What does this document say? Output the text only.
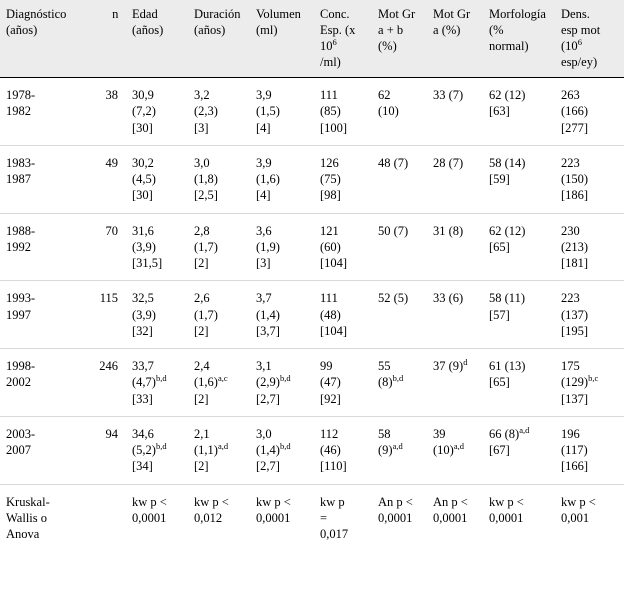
Diagnóstico n
(años)		Edad
(años)	Duración
(años)	Volumen
(ml)	Conc.
Esp. (x
$10^6$
/ml)	Mot Gr
a + b
(%)	Mot Gr
a (%)	Morfología
(%
normal)	Dens.
esp mot
($10^6$
esp/ey)

1978-
1982	38	30,9
(7,2)
[30]	3,2
(2,3)
[3]	3,9
(1,5)
[4]	111
(85)
[100]	62
(10)	33 (7)	62 (12)
[63]	263
(166)
[277]

1983-
1987	49	30,2
(4,5)
[30]	3,0
(1,8)
[2,5]	3,9
(1,6)
[4]	126
(75)
[98]	48 (7)	28 (7)	58 (14)
[59]	223
(150)
[186]

1988-
1992	70	31,6
(3,9)
[31,5]	2,8
(1,7)
[2]	3,6
(1,9)
[3]	121
(60)
[104]	50 (7)	31 (8)	62 (12)
[65]	230
(213)
[181]

1993-
1997	115	32,5
(3,9)
[32]	2,6
(1,7)
[2]	3,7
(1,4)
[3,7]	111
(48)
[104]	52 (5)	33 (6)	58 (11)
[57]	223
(137)
[195]

1998-
2002	246	33,7
$(4,7)^{b,d}$
[33]	2,4
$(1,6)^{a,c}$
[2]	3,1
$(2,9)^{b,d}$
[2,7]	99
(47)
[92]	55
$(8)^{b,d}$	37 $(9)^d$	61 (13)
[65]	175
$(129)^{b,c}$
[137]

2003-
2007	94	34,6
$(5,2)^{b,d}$
[34]	2,1
$(1,1)^{a,d}$
[2]	3,0
$(1,4)^{b,d}$
[2,7]	112
(46)
[110]	58
$(9)^{a,d}$	39
$(10)^{a,d}$	66 $(8)^{a,d}$
[67]	196
(117)
[166]

Kruskal-
Wallis o
Anova		kw p <
0,0001	kw p <
0,012	kw p <
0,0001	kw p
=
0,017	An p <
0,0001	An p <
0,0001	kw p <
0,0001	kw p <
0,001
